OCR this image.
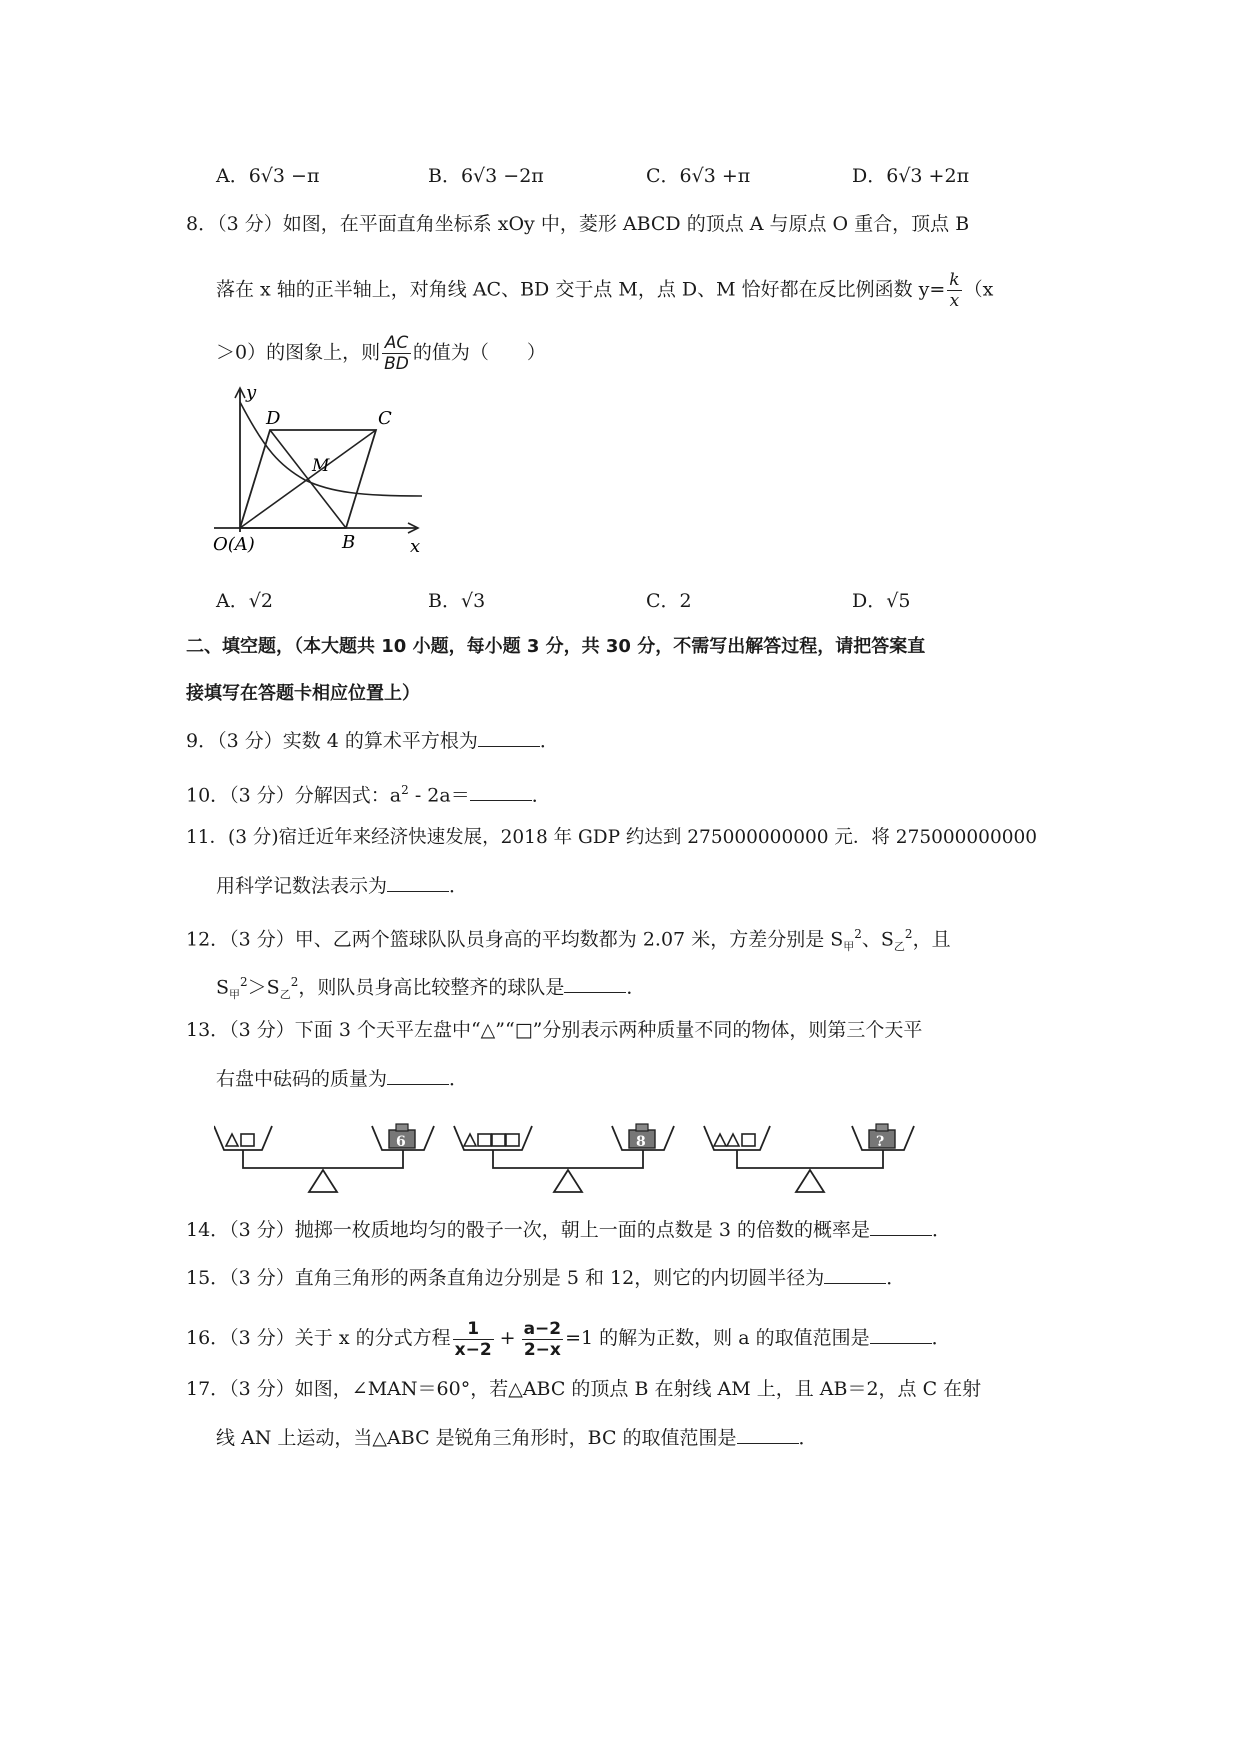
A．6√3 −π	B．6√3 −2π	C．6√3 +π	D．6√3 +2π
8．（3 分）如图，在平面直角坐标系 xOy 中，菱形 ABCD 的顶点 A 与原点 O 重合，顶点 B
落在 x 轴的正半轴上，对角线 AC、BD 交于点 M，点 D、M 恰好都在反比例函数 $y= \frac{k}{x} (x$
＞0）的图象上，则 $\frac{AC}{BD}$ 的值为（　　）
y
D	C
M
B
O(A)	x
A．√2	B．√3	C．2	D．√5
二、填空题，（本大题共 10 小题，每小题 3 分，共 30 分，不需写出解答过程，请把答案直
接填写在答题卡相应位置上）
9．（3 分）实数 4 的算术平方根为	．
10．（3 分）分解因式：$a^2 - 2a=$	．
11．(3 分)宿迁近年来经济快速发展，2018 年 GDP 约达到 275000000000 元．将 275000000000
用科学记数法表示为	．
12．（3 分）甲、乙两个篮球队队员身高的平均数都为 2.07 米，方差分别是 $S_甲^2$、$S_乙^2$，且
$S_甲^2>S_乙^2$，则队员身高比较整齐的球队是	．
13．（3 分）下面 3 个天平左盘中“△”“□”分别表示两种质量不同的物体，则第三个天平
右盘中砝码的质量为	．
6	8	?
14．（3 分）抛掷一枚质地均匀的骰子一次，朝上一面的点数是 3 的倍数的概率是	．
15．（3 分）直角三角形的两条直角边分别是 5 和 12，则它的内切圆半径为	．
16．（3 分）关于 x 的分式方程 $\frac{1}{x-2} + \frac{a-2}{2-x} =1$ 的解为正数，则 a 的取值范围是	．
17．（3 分）如图，∠MAN＝60°，若△ABC 的顶点 B 在射线 AM 上，且 AB＝2，点 C 在射
线 AN 上运动，当△ABC 是锐角三角形时，BC 的取值范围是	．
